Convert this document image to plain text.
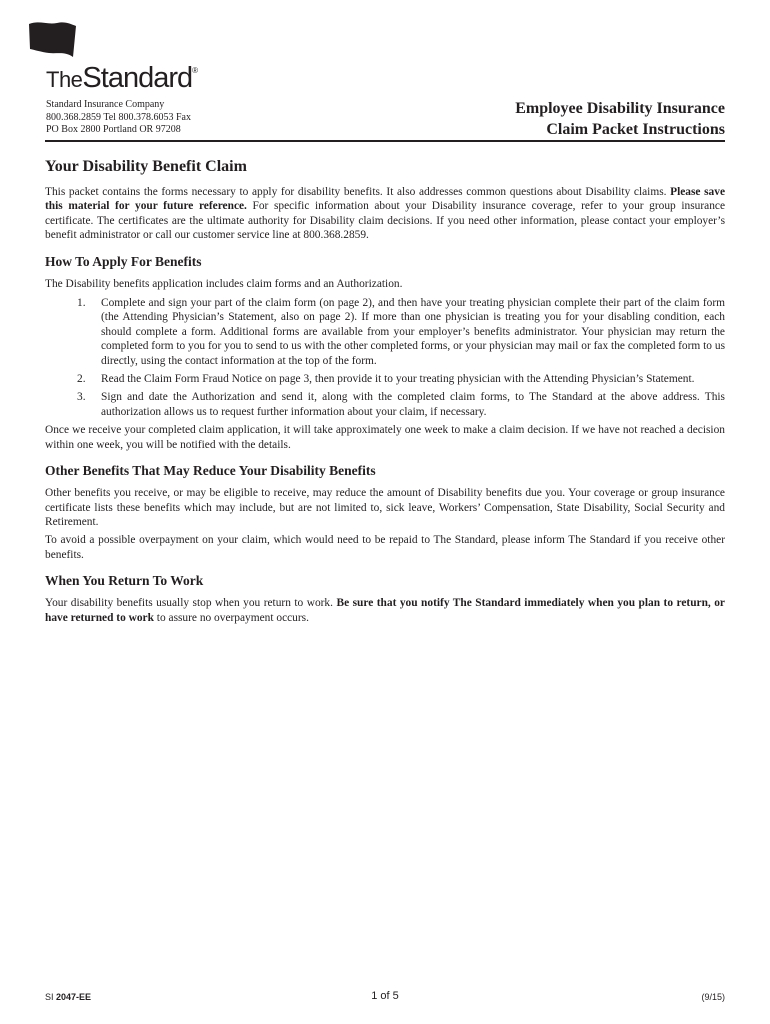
TheStandard®
Standard Insurance Company
800.368.2859 Tel 800.378.6053 Fax
PO Box 2800 Portland OR 97208
Employee Disability Insurance
Claim Packet Instructions
Your Disability Benefit Claim

This packet contains the forms necessary to apply for disability benefits. It also addresses common questions about Disability claims. Please save this material for your future reference. For specific information about your Disability insurance coverage, refer to your group insurance certificate. The certificates are the ultimate authority for Disability claim decisions. If you need other information, please contact your employer’s benefit administrator or call our customer service line at 800.368.2859.

How To Apply For Benefits

The Disability benefits application includes claim forms and an Authorization.

1. Complete and sign your part of the claim form (on page 2), and then have your treating physician complete their part of the claim form (the Attending Physician’s Statement, also on page 2). If more than one physician is treating you for your disabling condition, each should complete a form. Additional forms are available from your employer’s benefits administrator. Your physician may return the completed form to you for you to send to us with the other completed forms, or your physician may mail or fax the completed form to us directly, using the contact information at the top of the form.
2. Read the Claim Form Fraud Notice on page 3, then provide it to your treating physician with the Attending Physician’s Statement.
3. Sign and date the Authorization and send it, along with the completed claim forms, to The Standard at the above address. This authorization allows us to request further information about your claim, if necessary.

Once we receive your completed claim application, it will take approximately one week to make a claim decision. If we have not reached a decision within one week, you will be notified with the details.

Other Benefits That May Reduce Your Disability Benefits

Other benefits you receive, or may be eligible to receive, may reduce the amount of Disability benefits due you. Your coverage or group insurance certificate lists these benefits which may include, but are not limited to, sick leave, Workers’ Compensation, State Disability, Social Security and Retirement.

To avoid a possible overpayment on your claim, which would need to be repaid to The Standard, please inform The Standard if you receive other benefits.

When You Return To Work

Your disability benefits usually stop when you return to work. Be sure that you notify The Standard immediately when you plan to return, or have returned to work to assure no overpayment occurs.

SI 2047-EE	1 of 5	(9/15)
